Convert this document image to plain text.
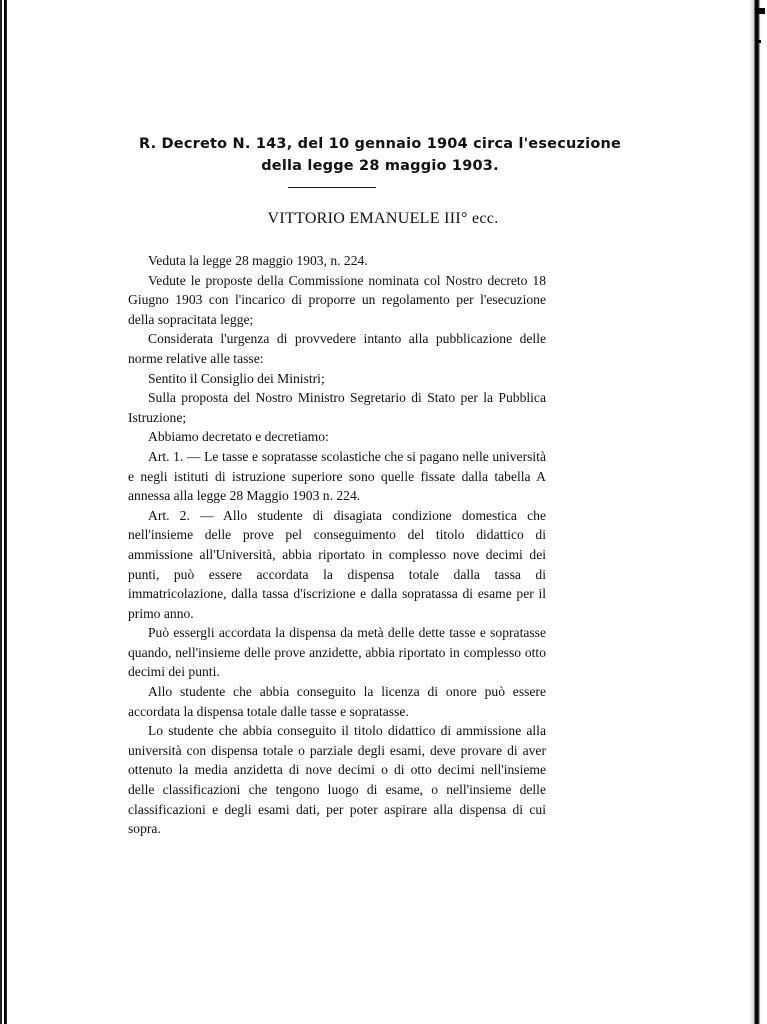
R. Decreto N. 143, del 10 gennaio 1904 circa l'esecuzione
della legge 28 maggio 1903.
VITTORIO EMANUELE III° ecc.

Veduta la legge 28 maggio 1903, n. 224.

Vedute le proposte della Commissione nominata col Nostro decreto 18 Giugno 1903 con l'incarico di proporre un regolamento per l'esecuzione della sopracitata legge;

Considerata l'urgenza di provvedere intanto alla pubblicazione delle norme relative alle tasse:

Sentito il Consiglio dei Ministri;

Sulla proposta del Nostro Ministro Segretario di Stato per la Pubblica Istruzione;

Abbiamo decretato e decretiamo:

Art. 1. — Le tasse e sopratasse scolastiche che si pagano nelle università e negli istituti di istruzione superiore sono quelle fissate dalla tabella A annessa alla legge 28 Maggio 1903 n. 224.

Art. 2. — Allo studente di disagiata condizione domestica che nell'insieme delle prove pel conseguimento del titolo didattico di ammissione all'Università, abbia riportato in complesso nove decimi dei punti, può essere accordata la dispensa totale dalla tassa di immatricolazione, dalla tassa d'iscrizione e dalla sopratassa di esame per il primo anno.

Può essergli accordata la dispensa da metà delle dette tasse e sopratasse quando, nell'insieme delle prove anzidette, abbia riportato in complesso otto decimi dei punti.

Allo studente che abbia conseguito la licenza di onore può essere accordata la dispensa totale dalle tasse e sopratasse.

Lo studente che abbia conseguito il titolo didattico di ammissione alla università con dispensa totale o parziale degli esami, deve provare di aver ottenuto la media anzidetta di nove decimi o di otto decimi nell'insieme delle classificazioni che tengono luogo di esame, o nell'insieme delle classificazioni e degli esami dati, per poter aspirare alla dispensa di cui sopra.
